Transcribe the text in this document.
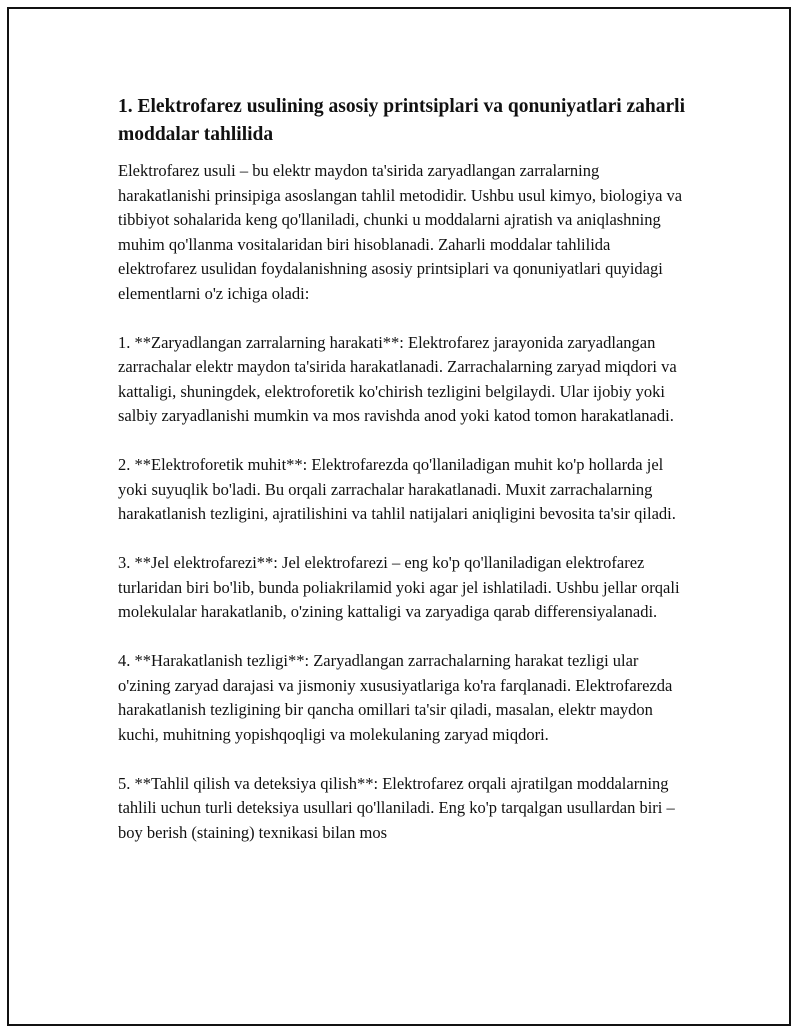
1. Elektrofarez usulining asosiy printsiplari va qonuniyatlari zaharli moddalar tahlilida

Elektrofarez usuli – bu elektr maydon ta'sirida zaryadlangan zarralarning harakatlanishi prinsipiga asoslangan tahlil metodidir. Ushbu usul kimyo, biologiya va tibbiyot sohalarida keng qo'llaniladi, chunki u moddalarni ajratish va aniqlashning muhim qo'llanma vositalaridan biri hisoblanadi. Zaharli moddalar tahlilida elektrofarez usulidan foydalanishning asosiy printsiplari va qonuniyatlari quyidagi elementlarni o'z ichiga oladi:

1. **Zaryadlangan zarralarning harakati**: Elektrofarez jarayonida zaryadlangan zarrachalar elektr maydon ta'sirida harakatlanadi. Zarrachalarning zaryad miqdori va kattaligi, shuningdek, elektroforetik ko'chirish tezligini belgilaydi. Ular ijobiy yoki salbiy zaryadlanishi mumkin va mos ravishda anod yoki katod tomon harakatlanadi.

2. **Elektroforetik muhit**: Elektrofarezda qo'llaniladigan muhit ko'p hollarda jel yoki suyuqlik bo'ladi. Bu orqali zarrachalar harakatlanadi. Muxit zarrachalarning harakatlanish tezligini, ajratilishini va tahlil natijalari aniqligini bevosita ta'sir qiladi.

3. **Jel elektrofarezi**: Jel elektrofarezi – eng ko'p qo'llaniladigan elektrofarez turlaridan biri bo'lib, bunda poliakrilamid yoki agar jel ishlatiladi. Ushbu jellar orqali molekulalar harakatlanib, o'zining kattaligi va zaryadiga qarab differensiyalanadi.

4. **Harakatlanish tezligi**: Zaryadlangan zarrachalarning harakat tezligi ular o'zining zaryad darajasi va jismoniy xususiyatlariga ko'ra farqlanadi. Elektrofarezda harakatlanish tezligining bir qancha omillari ta'sir qiladi, masalan, elektr maydon kuchi, muhitning yopishqoqligi va molekulaning zaryad miqdori.

5. **Tahlil qilish va deteksiya qilish**: Elektrofarez orqali ajratilgan moddalarning tahlili uchun turli deteksiya usullari qo'llaniladi. Eng ko'p tarqalgan usullardan biri – boy berish (staining) texnikasi bilan mos
